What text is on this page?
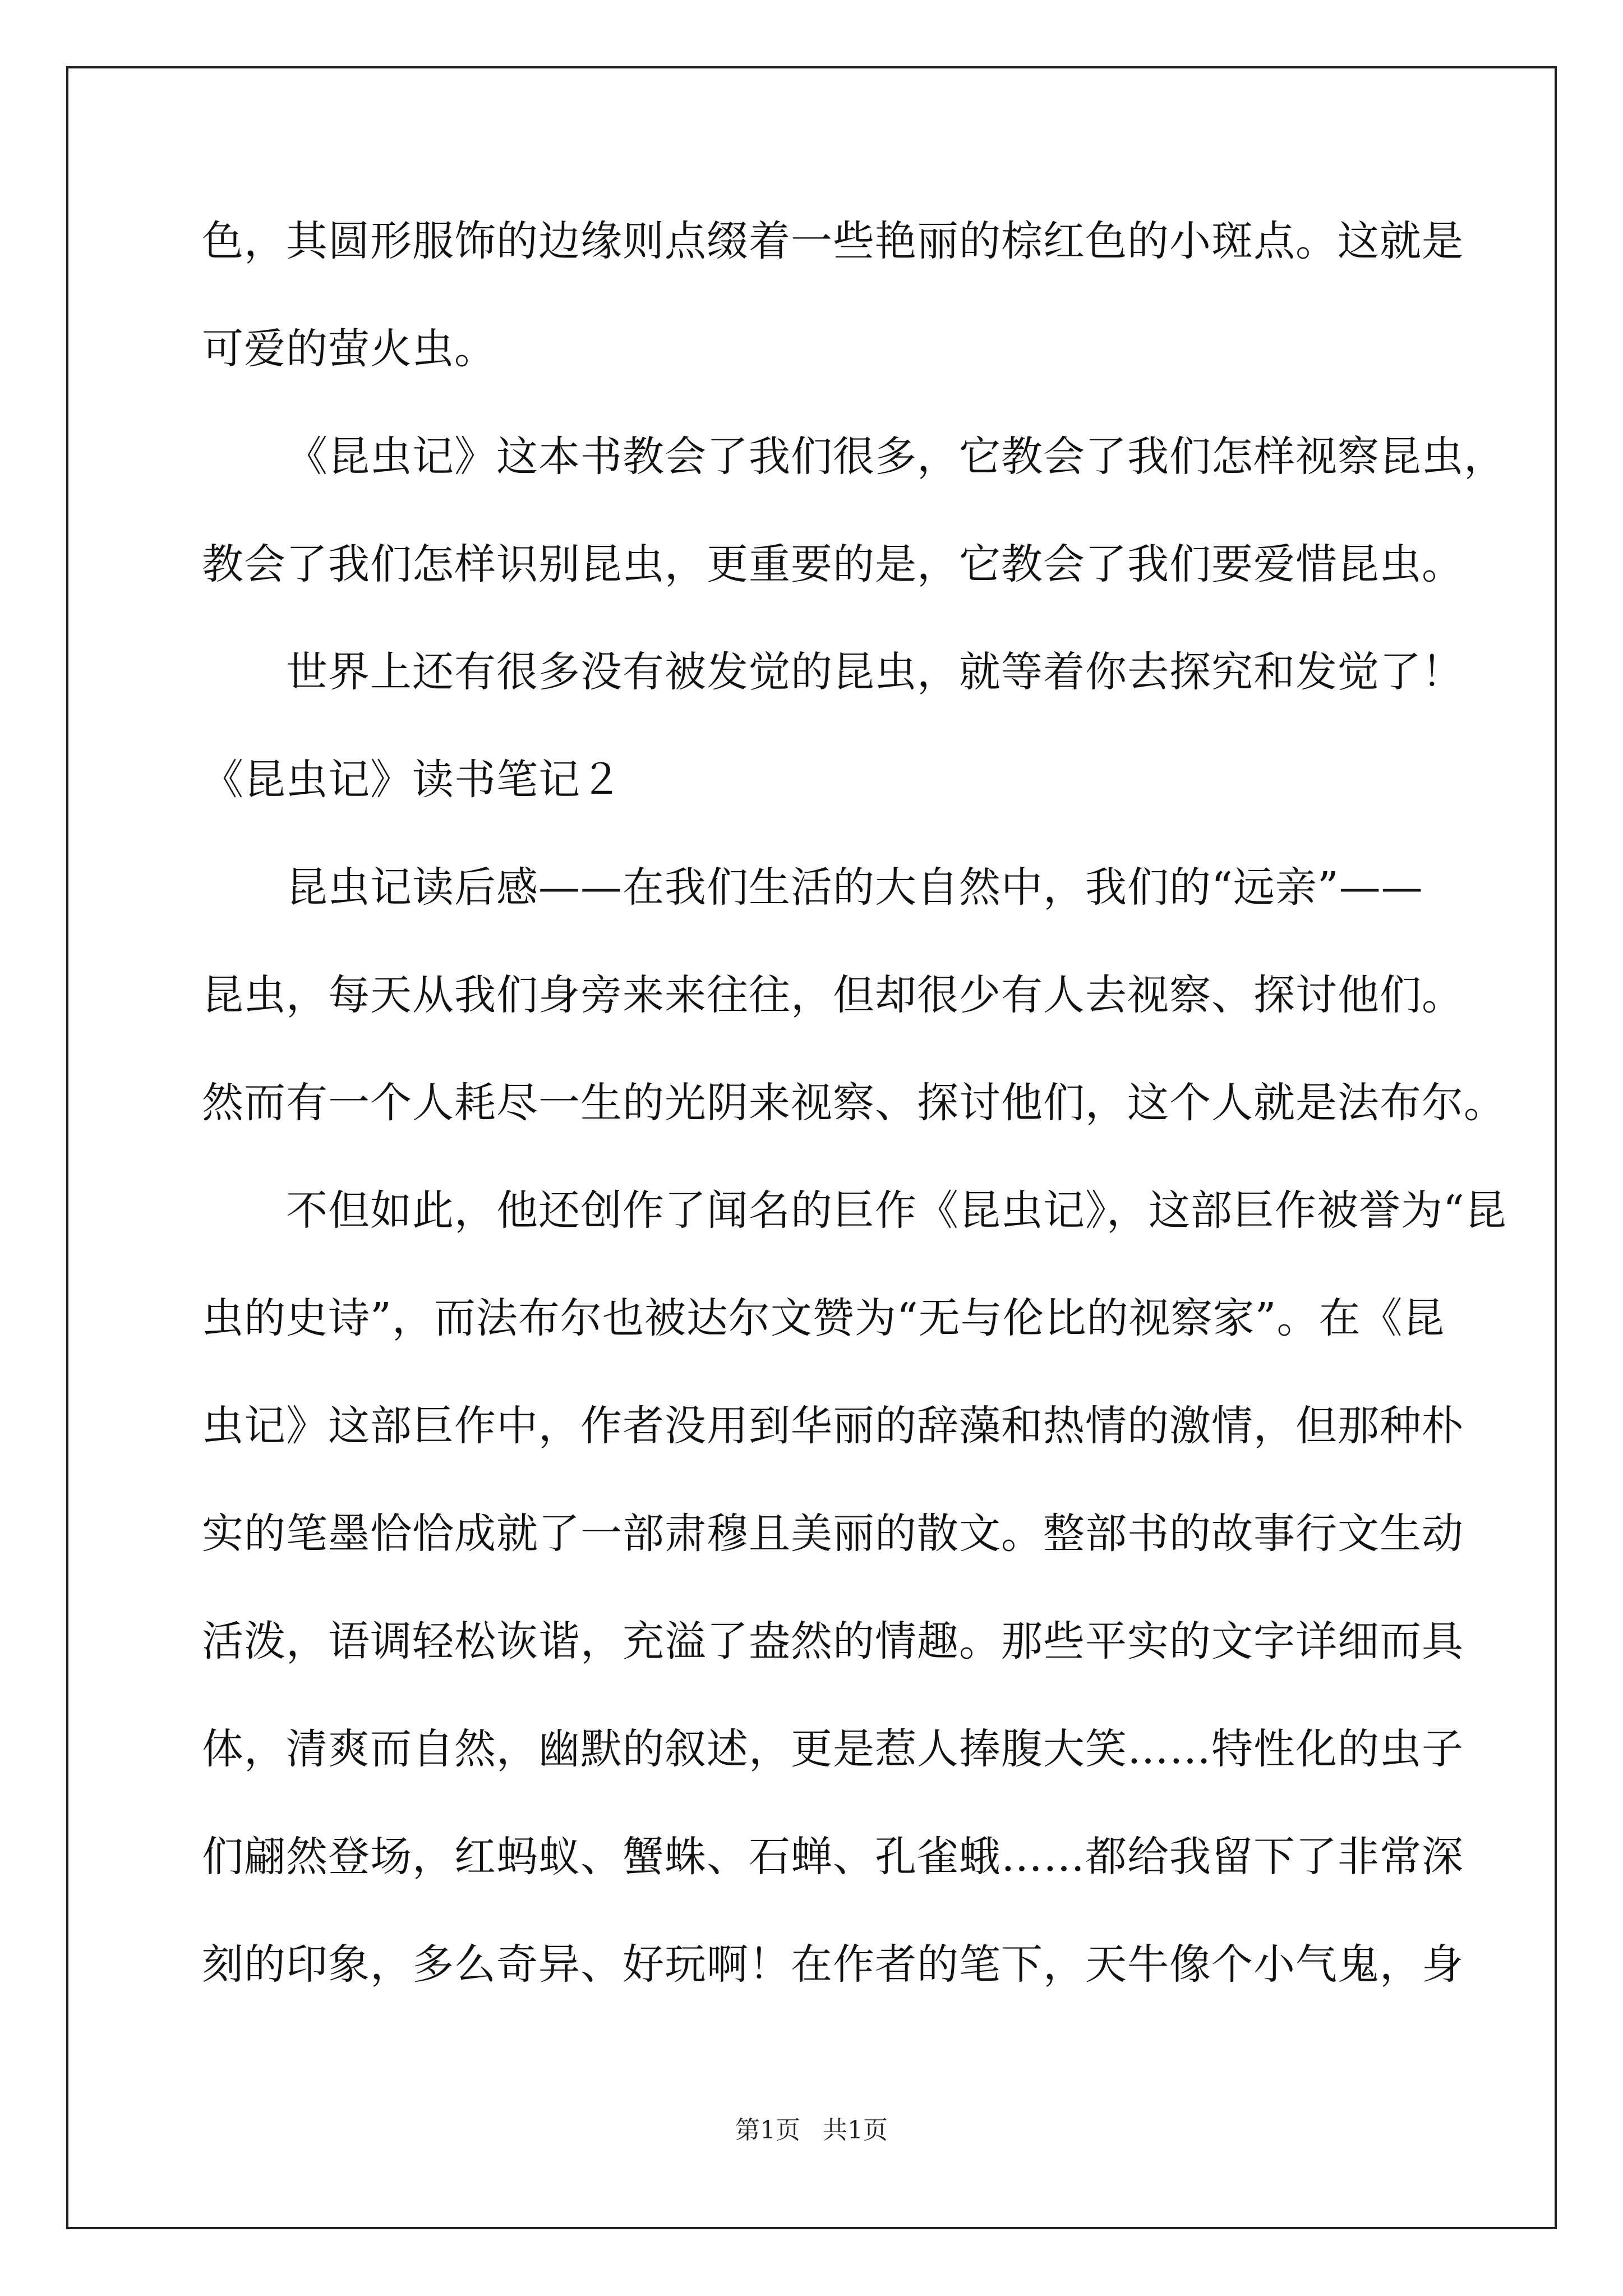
色，其圆形服饰的边缘则点缀着一些艳丽的棕红色的小斑点。这就是
可爱的萤火虫。
《昆虫记》这本书教会了我们很多，它教会了我们怎样视察昆虫，
教会了我们怎样识别昆虫，更重要的是，它教会了我们要爱惜昆虫。
世界上还有很多没有被发觉的昆虫，就等着你去探究和发觉了！
《昆虫记》读书笔记２
昆虫记读后感——在我们生活的大自然中，我们的“远亲”——
昆虫，每天从我们身旁来来往往，但却很少有人去视察、探讨他们。
然而有一个人耗尽一生的光阴来视察、探讨他们，这个人就是法布尔。
不但如此，他还创作了闻名的巨作《昆虫记》，这部巨作被誉为“昆
虫的史诗”，而法布尔也被达尔文赞为“无与伦比的视察家”。在《昆
虫记》这部巨作中，作者没用到华丽的辞藻和热情的激情，但那种朴
实的笔墨恰恰成就了一部肃穆且美丽的散文。整部书的故事行文生动
活泼，语调轻松诙谐，充溢了盎然的情趣。那些平实的文字详细而具
体，清爽而自然，幽默的叙述，更是惹人捧腹大笑……特性化的虫子
们翩然登场，红蚂蚁、蟹蛛、石蝉、孔雀蛾……都给我留下了非常深
刻的印象，多么奇异、好玩啊！在作者的笔下，天牛像个小气鬼，身
第1页 共1页
